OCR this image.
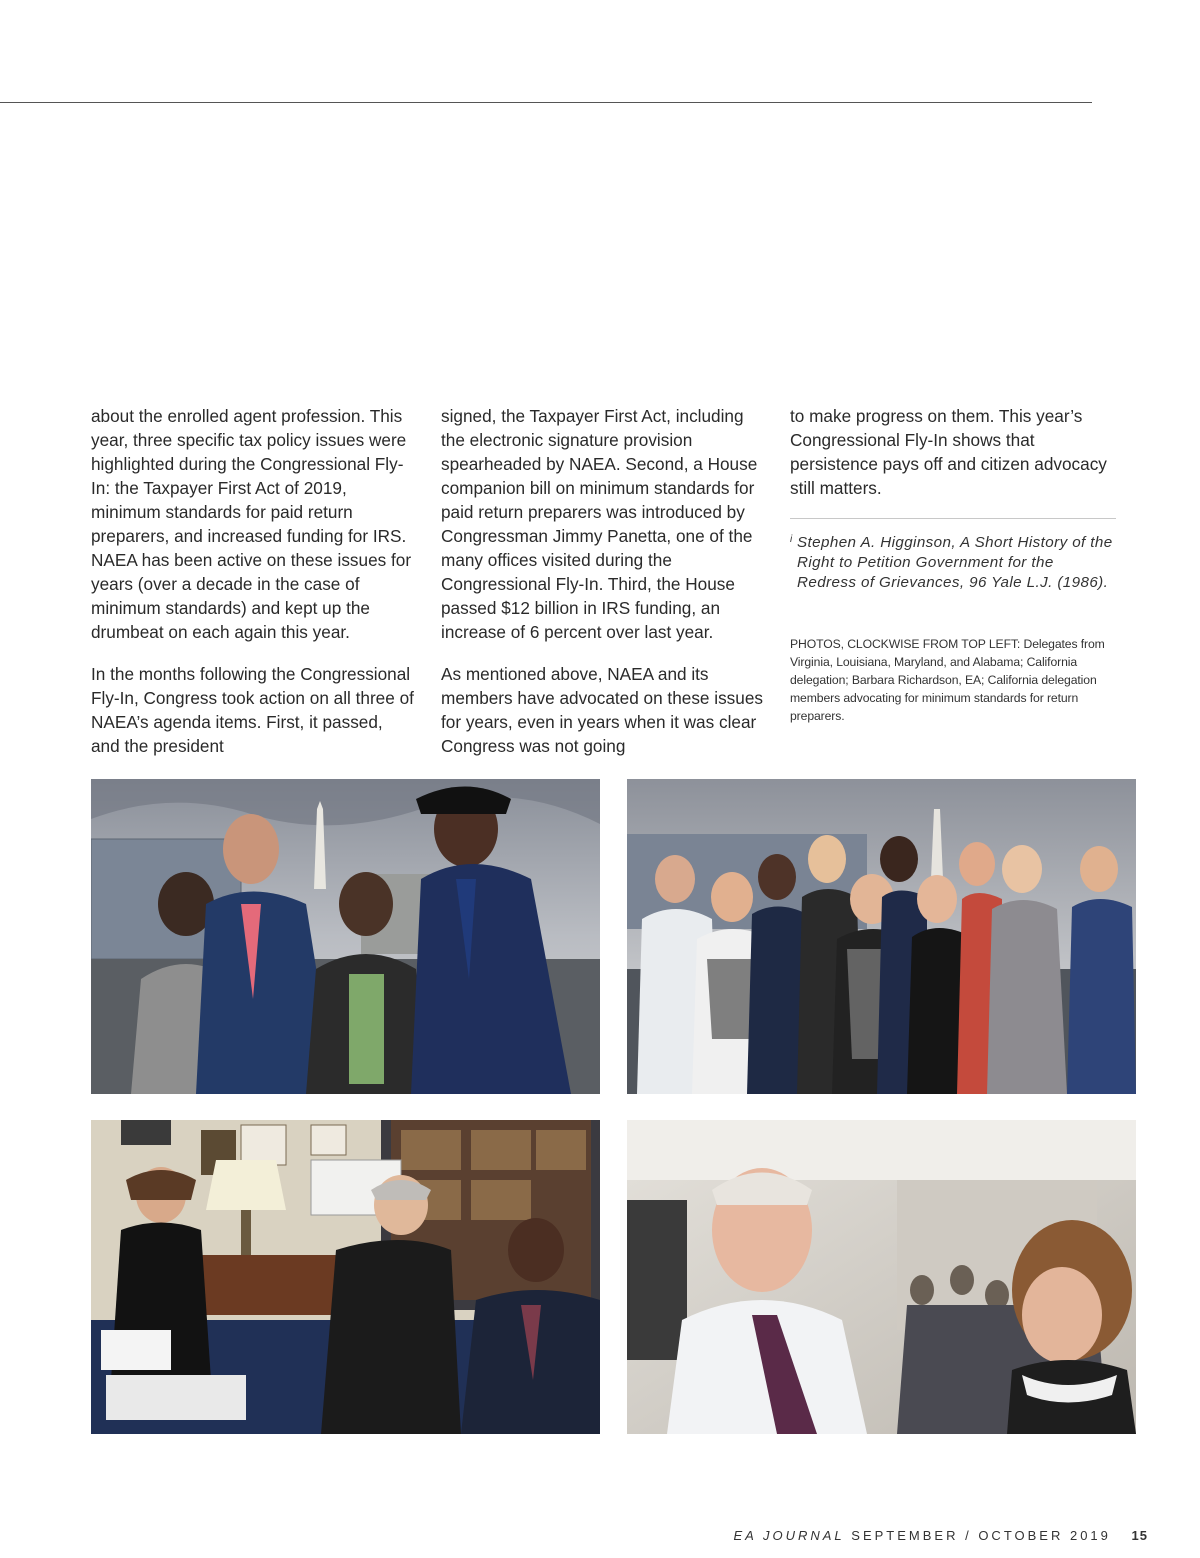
about the enrolled agent profession. This year, three specific tax policy issues were highlighted during the Congressional Fly-In: the Taxpayer First Act of 2019, minimum standards for paid return preparers, and increased funding for IRS. NAEA has been active on these issues for years (over a decade in the case of minimum standards) and kept up the drumbeat on each again this year.

In the months following the Congressional Fly-In, Congress took action on all three of NAEA’s agenda items. First, it passed, and the president

signed, the Taxpayer First Act, including the electronic signature provision spearheaded by NAEA. Second, a House companion bill on minimum standards for paid return preparers was introduced by Congressman Jimmy Panetta, one of the many offices visited during the Congressional Fly-In. Third, the House passed $12 billion in IRS funding, an increase of 6 percent over last year.

As mentioned above, NAEA and its members have advocated on these issues for years, even in years when it was clear Congress was not going

to make progress on them. This year’s Congressional Fly-In shows that persistence pays off and citizen advocacy still matters.

i Stephen A. Higginson, A Short History of the Right to Petition Government for the Redress of Grievances, 96 Yale L.J. (1986).
PHOTOS, CLOCKWISE FROM TOP LEFT: Delegates from Virginia, Louisiana, Maryland, and Alabama; California delegation; Barbara Richardson, EA; California delegation members advocating for minimum standards for return preparers.
EA JOURNAL SEPTEMBER / OCTOBER 2019 15
